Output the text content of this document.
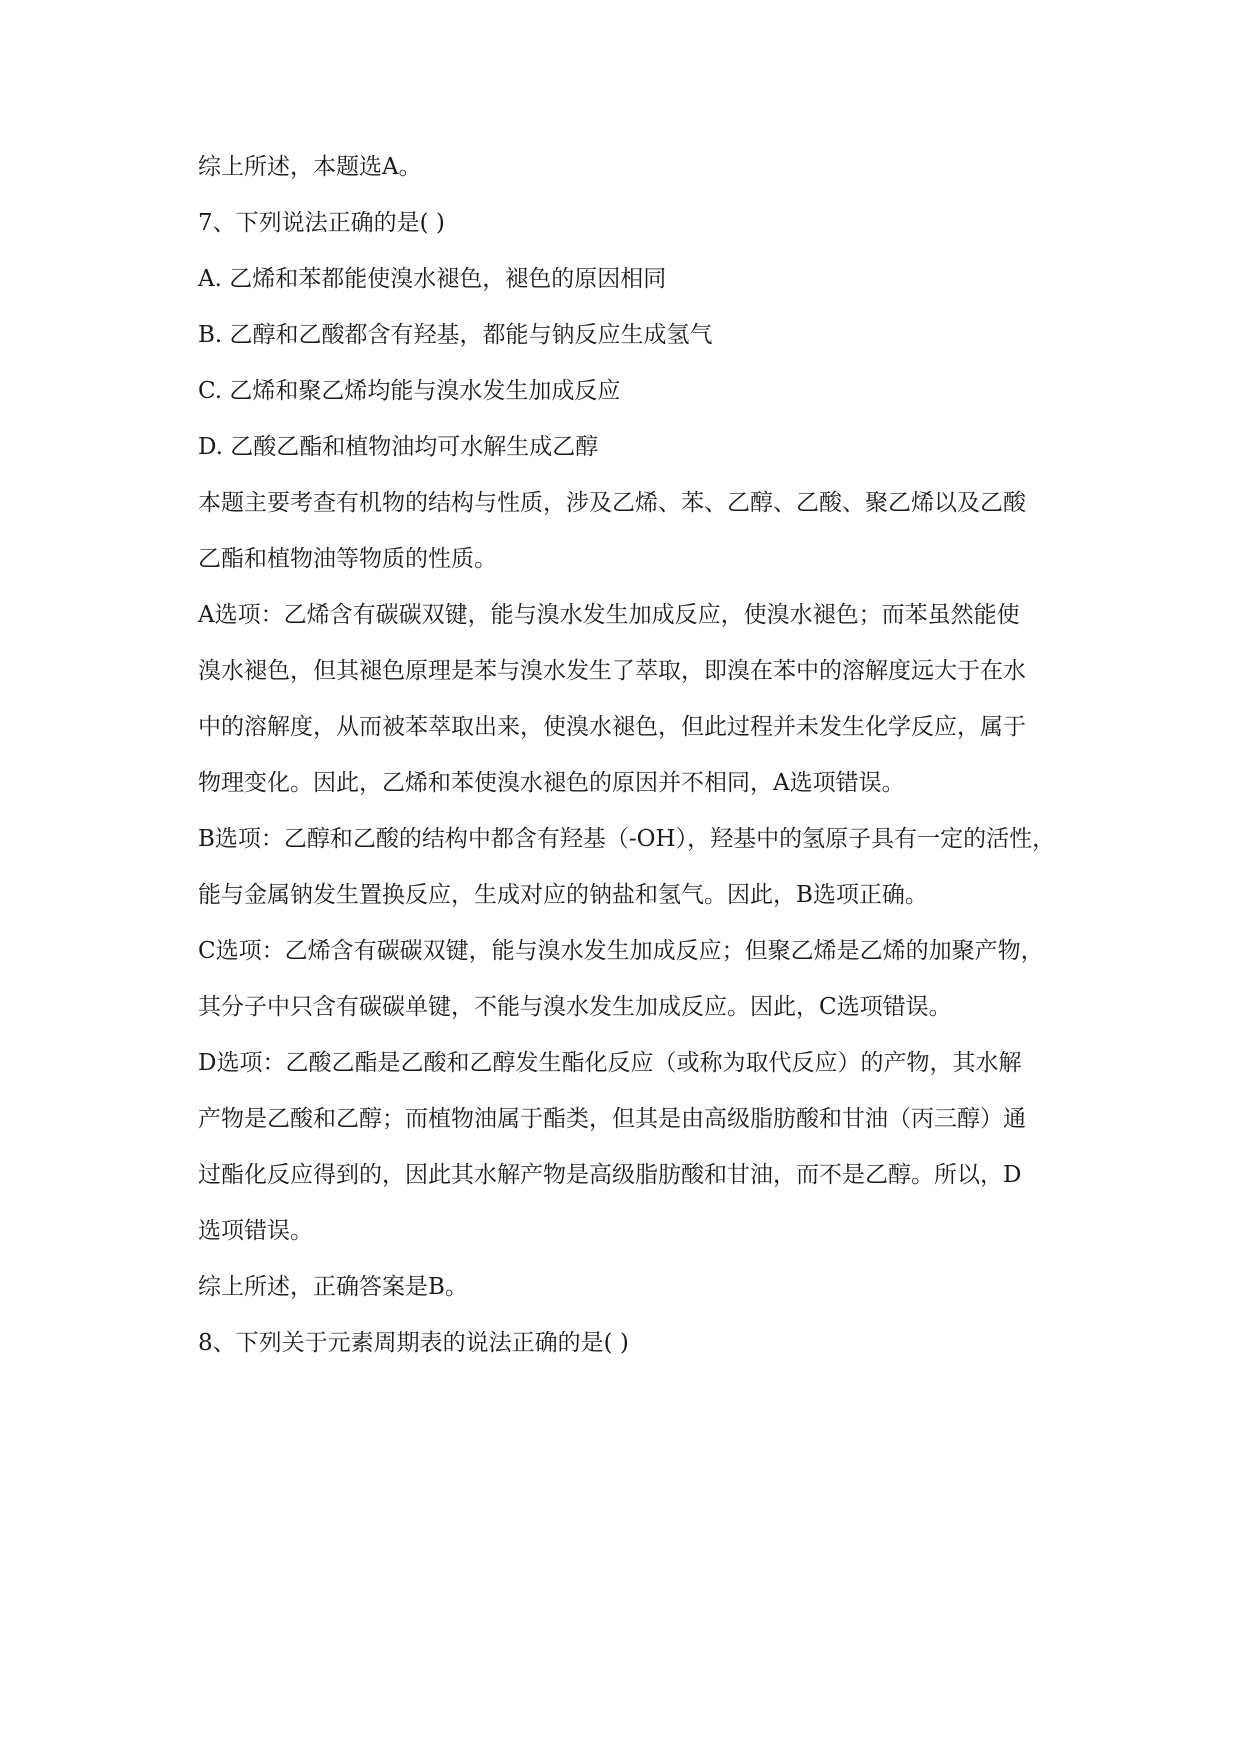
综上所述，本题选A。

7、下列说法正确的是( )

A. 乙烯和苯都能使溴水褪色，褪色的原因相同

B. 乙醇和乙酸都含有羟基，都能与钠反应生成氢气

C. 乙烯和聚乙烯均能与溴水发生加成反应

D. 乙酸乙酯和植物油均可水解生成乙醇

本题主要考查有机物的结构与性质，涉及乙烯、苯、乙醇、乙酸、聚乙烯以及乙酸

乙酯和植物油等物质的性质。

A选项：乙烯含有碳碳双键，能与溴水发生加成反应，使溴水褪色；而苯虽然能使

溴水褪色，但其褪色原理是苯与溴水发生了萃取，即溴在苯中的溶解度远大于在水

中的溶解度，从而被苯萃取出来，使溴水褪色，但此过程并未发生化学反应，属于

物理变化。因此，乙烯和苯使溴水褪色的原因并不相同，A选项错误。

B选项：乙醇和乙酸的结构中都含有羟基（-OH），羟基中的氢原子具有一定的活性，

能与金属钠发生置换反应，生成对应的钠盐和氢气。因此，B选项正确。

C选项：乙烯含有碳碳双键，能与溴水发生加成反应；但聚乙烯是乙烯的加聚产物，

其分子中只含有碳碳单键，不能与溴水发生加成反应。因此，C选项错误。

D选项：乙酸乙酯是乙酸和乙醇发生酯化反应（或称为取代反应）的产物，其水解

产物是乙酸和乙醇；而植物油属于酯类，但其是由高级脂肪酸和甘油（丙三醇）通

过酯化反应得到的，因此其水解产物是高级脂肪酸和甘油，而不是乙醇。所以，D

选项错误。

综上所述，正确答案是B。

8、下列关于元素周期表的说法正确的是( )
